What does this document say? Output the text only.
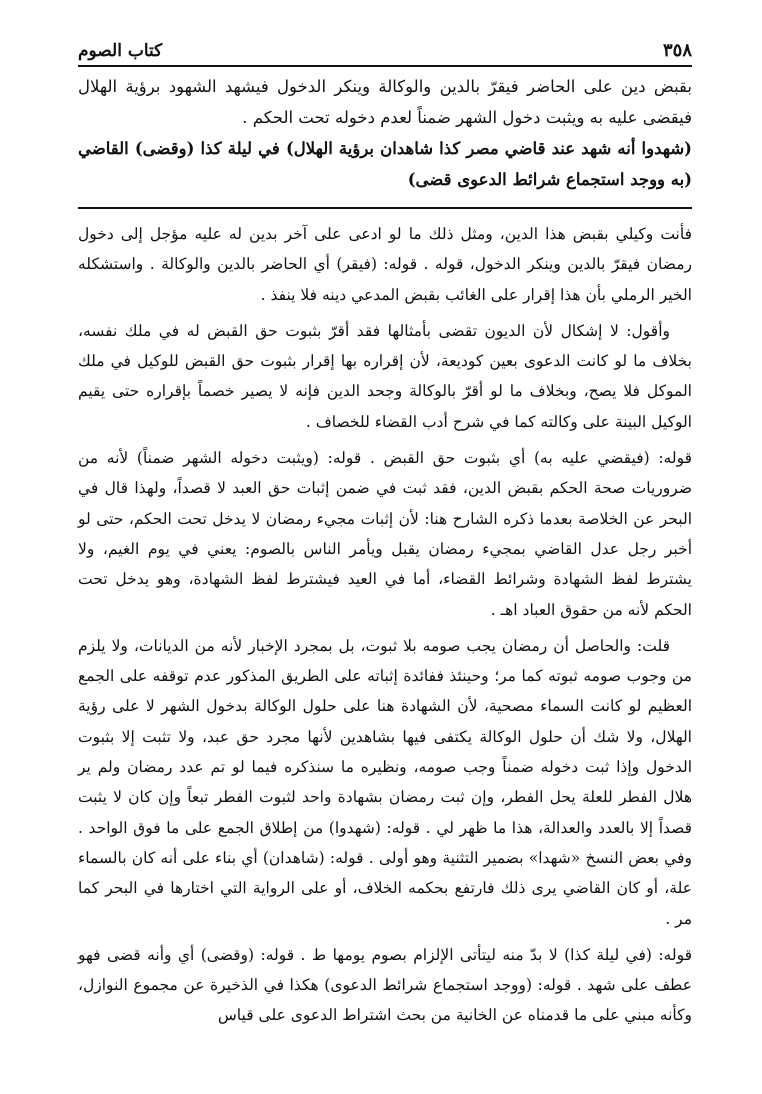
٣٥٨
كتاب الصوم

بقبض دين على الحاضر فيقرّ بالدين والوكالة وينكر الدخول فيشهد الشهود برؤية الهلال فيقضى عليه به ويثبت دخول الشهر ضمناً لعدم دخوله تحت الحكم .

(شهدوا أنه شهد عند قاضي مصر كذا شاهدان برؤية الهلال) في ليلة كذا (وقضى) القاضي (به ووجد استجماع شرائط الدعوى قضى)

فأنت وكيلي بقبض هذا الدين، ومثل ذلك ما لو ادعى على آخر بدين له عليه مؤجل إلى دخول رمضان فيقرّ بالدين وينكر الدخول، قوله . قوله: (فيقر) أي الحاضر بالدين والوكالة . واستشكله الخير الرملي بأن هذا إقرار على الغائب بقبض المدعي دينه فلا ينفذ .

وأقول: لا إشكال لأن الديون تقضى بأمثالها فقد أقرّ بثبوت حق القبض له في ملك نفسه، بخلاف ما لو كانت الدعوى بعين كوديعة، لأن إقراره بها إقرار بثبوت حق القبض للوكيل في ملك الموكل فلا يصح، وبخلاف ما لو أقرّ بالوكالة وجحد الدين فإنه لا يصير خصماً بإقراره حتى يقيم الوكيل البينة على وكالته كما في شرح أدب القضاء للخصاف .

قوله: (فيقضي عليه به) أي بثبوت حق القبض . قوله: (ويثبت دخوله الشهر ضمناً) لأنه من ضروريات صحة الحكم بقبض الدين، فقد ثبت في ضمن إثبات حق العبد لا قصداً، ولهذا قال في البحر عن الخلاصة بعدما ذكره الشارح هنا: لأن إثبات مجيء رمضان لا يدخل تحت الحكم، حتى لو أخبر رجل عدل القاضي بمجيء رمضان يقبل ويأمر الناس بالصوم: يعني في يوم الغيم، ولا يشترط لفظ الشهادة وشرائط القضاء، أما في العيد فيشترط لفظ الشهادة، وهو يدخل تحت الحكم لأنه من حقوق العباد اهـ .

قلت: والحاصل أن رمضان يجب صومه بلا ثبوت، بل بمجرد الإخبار لأنه من الديانات، ولا يلزم من وجوب صومه ثبوته كما مر؛ وحينئذ ففائدة إثباته على الطريق المذكور عدم توقفه على الجمع العظيم لو كانت السماء مصحية، لأن الشهادة هنا على حلول الوكالة بدخول الشهر لا على رؤية الهلال، ولا شك أن حلول الوكالة يكتفى فيها بشاهدين لأنها مجرد حق عبد، ولا تثبت إلا بثبوت الدخول وإذا ثبت دخوله ضمناً وجب صومه، ونظيره ما سنذكره فيما لو تم عدد رمضان ولم ير هلال الفطر للعلة يحل الفطر، وإن ثبت رمضان بشهادة واحد لثبوت الفطر تبعاً وإن كان لا يثبت قصداً إلا بالعدد والعدالة، هذا ما ظهر لي . قوله: (شهدوا) من إطلاق الجمع على ما فوق الواحد . وفي بعض النسخ «شهدا» بضمير التثنية وهو أولى . قوله: (شاهدان) أي بناء على أنه كان بالسماء علة، أو كان القاضي يرى ذلك فارتفع بحكمه الخلاف، أو على الرواية التي اختارها في البحر كما مر .

قوله: (في ليلة كذا) لا بدّ منه ليتأتى الإلزام بصوم يومها ط . قوله: (وقضى) أي وأنه قضى فهو عطف على شهد . قوله: (ووجد استجماع شرائط الدعوى) هكذا في الذخيرة عن مجموع النوازل، وكأنه مبني على ما قدمناه عن الخانية من بحث اشتراط الدعوى على قياس
